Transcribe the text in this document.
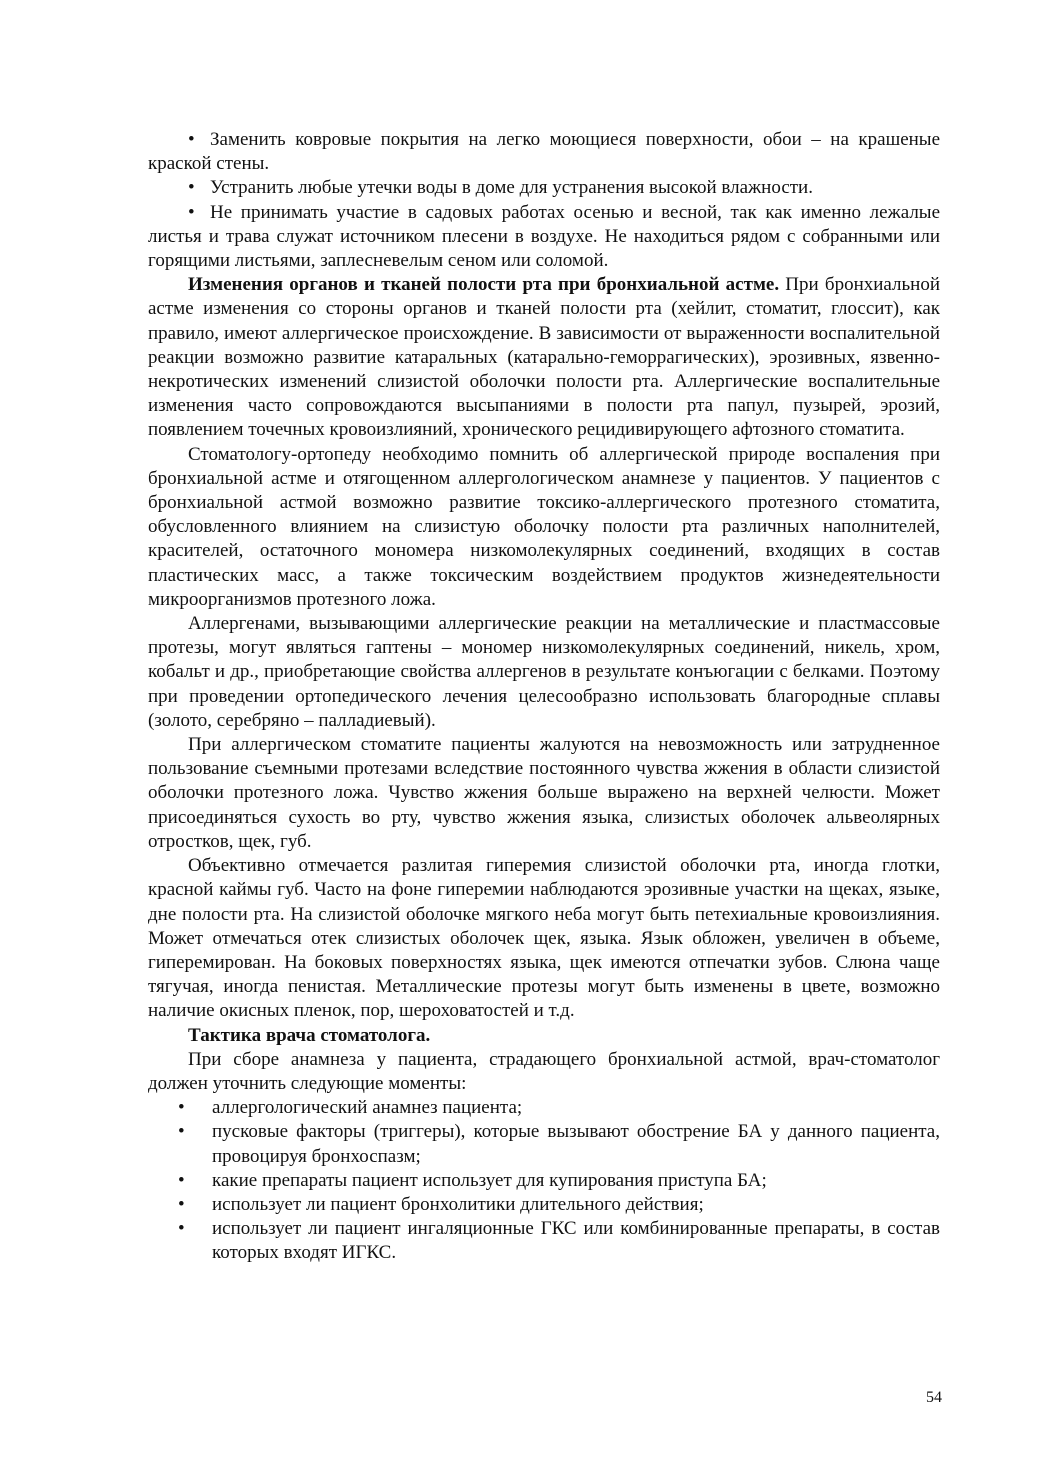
• Заменить ковровые покрытия на легко моющиеся поверхности, обои – на крашеные краской стены.

• Устранить любые утечки воды в доме для устранения высокой влажности.

• Не принимать участие в садовых работах осенью и весной, так как именно лежалые листья и трава служат источником плесени в воздухе. Не находиться рядом с собранными или горящими листьями, заплесневелым сеном или соломой.

Изменения органов и тканей полости рта при бронхиальной астме. При бронхиальной астме изменения со стороны органов и тканей полости рта (хейлит, стоматит, глоссит), как правило, имеют аллергическое происхождение. В зависимости от выраженности воспалительной реакции возможно развитие катаральных (катарально-геморрагических), эрозивных, язвенно-некротических изменений слизистой оболочки полости рта. Аллергические воспалительные изменения часто сопровождаются высыпаниями в полости рта папул, пузырей, эрозий, появлением точечных кровоизлияний, хронического рецидивирующего афтозного стоматита.

Стоматологу-ортопеду необходимо помнить об аллергической природе воспаления при бронхиальной астме и отягощенном аллергологическом анамнезе у пациентов. У пациентов с бронхиальной астмой возможно развитие токсико-аллергического протезного стоматита, обусловленного влиянием на слизистую оболочку полости рта различных наполнителей, красителей, остаточного мономера низкомолекулярных соединений, входящих в состав пластических масс, а также токсическим воздействием продуктов жизнедеятельности микроорганизмов протезного ложа.

Аллергенами, вызывающими аллергические реакции на металлические и пластмассовые протезы, могут являться гаптены – мономер низкомолекулярных соединений, никель, хром, кобальт и др., приобретающие свойства аллергенов в результате конъюгации с белками. Поэтому при проведении ортопедического лечения целесообразно использовать благородные сплавы (золото, серебряно – палладиевый).

При аллергическом стоматите пациенты жалуются на невозможность или затрудненное пользование съемными протезами вследствие постоянного чувства жжения в области слизистой оболочки протезного ложа. Чувство жжения больше выражено на верхней челюсти. Может присоединяться сухость во рту, чувство жжения языка, слизистых оболочек альвеолярных отростков, щек, губ.

Объективно отмечается разлитая гиперемия слизистой оболочки рта, иногда глотки, красной каймы губ. Часто на фоне гиперемии наблюдаются эрозивные участки на щеках, языке, дне полости рта. На слизистой оболочке мягкого неба могут быть петехиальные кровоизлияния. Может отмечаться отек слизистых оболочек щек, языка. Язык обложен, увеличен в объеме, гиперемирован. На боковых поверхностях языка, щек имеются отпечатки зубов. Слюна чаще тягучая, иногда пенистая. Металлические протезы могут быть изменены в цвете, возможно наличие окисных пленок, пор, шероховатостей и т.д.

Тактика врача стоматолога.

При сборе анамнеза у пациента, страдающего бронхиальной астмой, врач-стоматолог должен уточнить следующие моменты:

• аллергологический анамнез пациента;
• пусковые факторы (триггеры), которые вызывают обострение БА у данного пациента, провоцируя бронхоспазм;
• какие препараты пациент использует для купирования приступа БА;
• использует ли пациент бронхолитики длительного действия;
• использует ли пациент ингаляционные ГКС или комбинированные препараты, в состав которых входят ИГКС.
54
